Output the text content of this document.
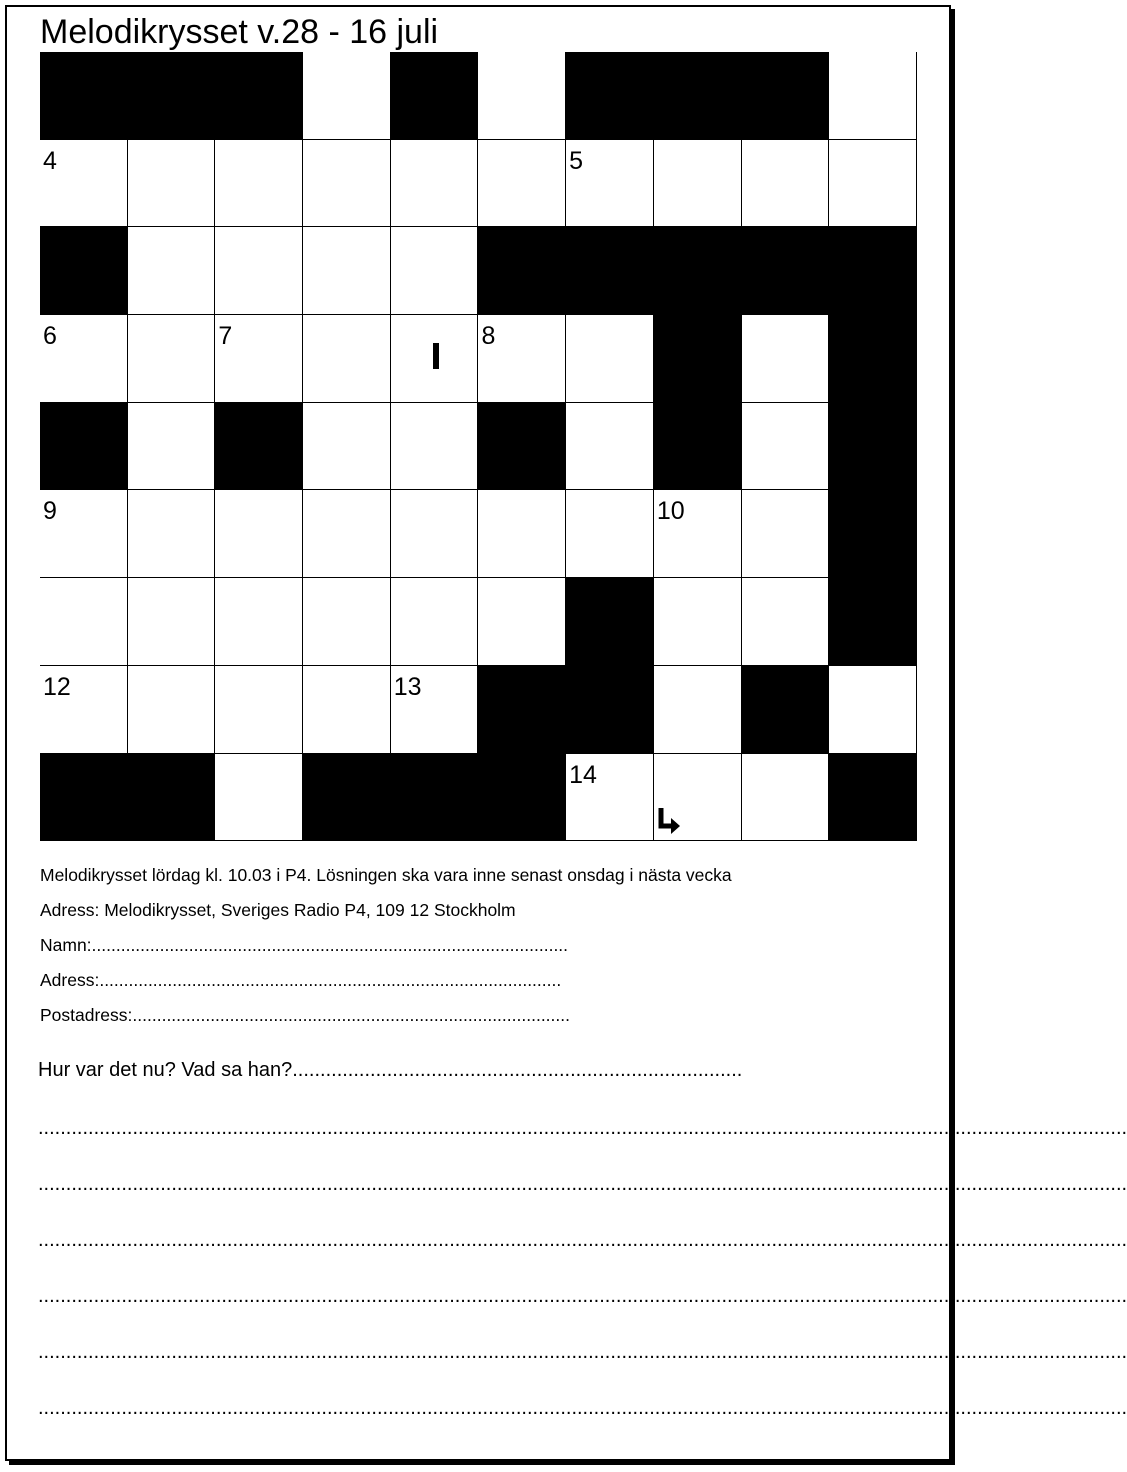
Melodikrysset v.28 - 16 juli
1	2	3
4	5
6	7	8
9	10
11
12	13
14
Melodikrysset lördag kl. 10.03 i P4. Lösningen ska vara inne senast onsdag i nästa vecka
Adress: Melodikrysset, Sveriges Radio P4, 109 12 Stockholm
Namn:..................................................................................................
Adress:...............................................................................................
Postadress:..........................................................................................
Hur var det nu? Vad sa han?.................................................................................
....................................................................................................................................................................................................
....................................................................................................................................................................................................
....................................................................................................................................................................................................
....................................................................................................................................................................................................
....................................................................................................................................................................................................
....................................................................................................................................................................................................
